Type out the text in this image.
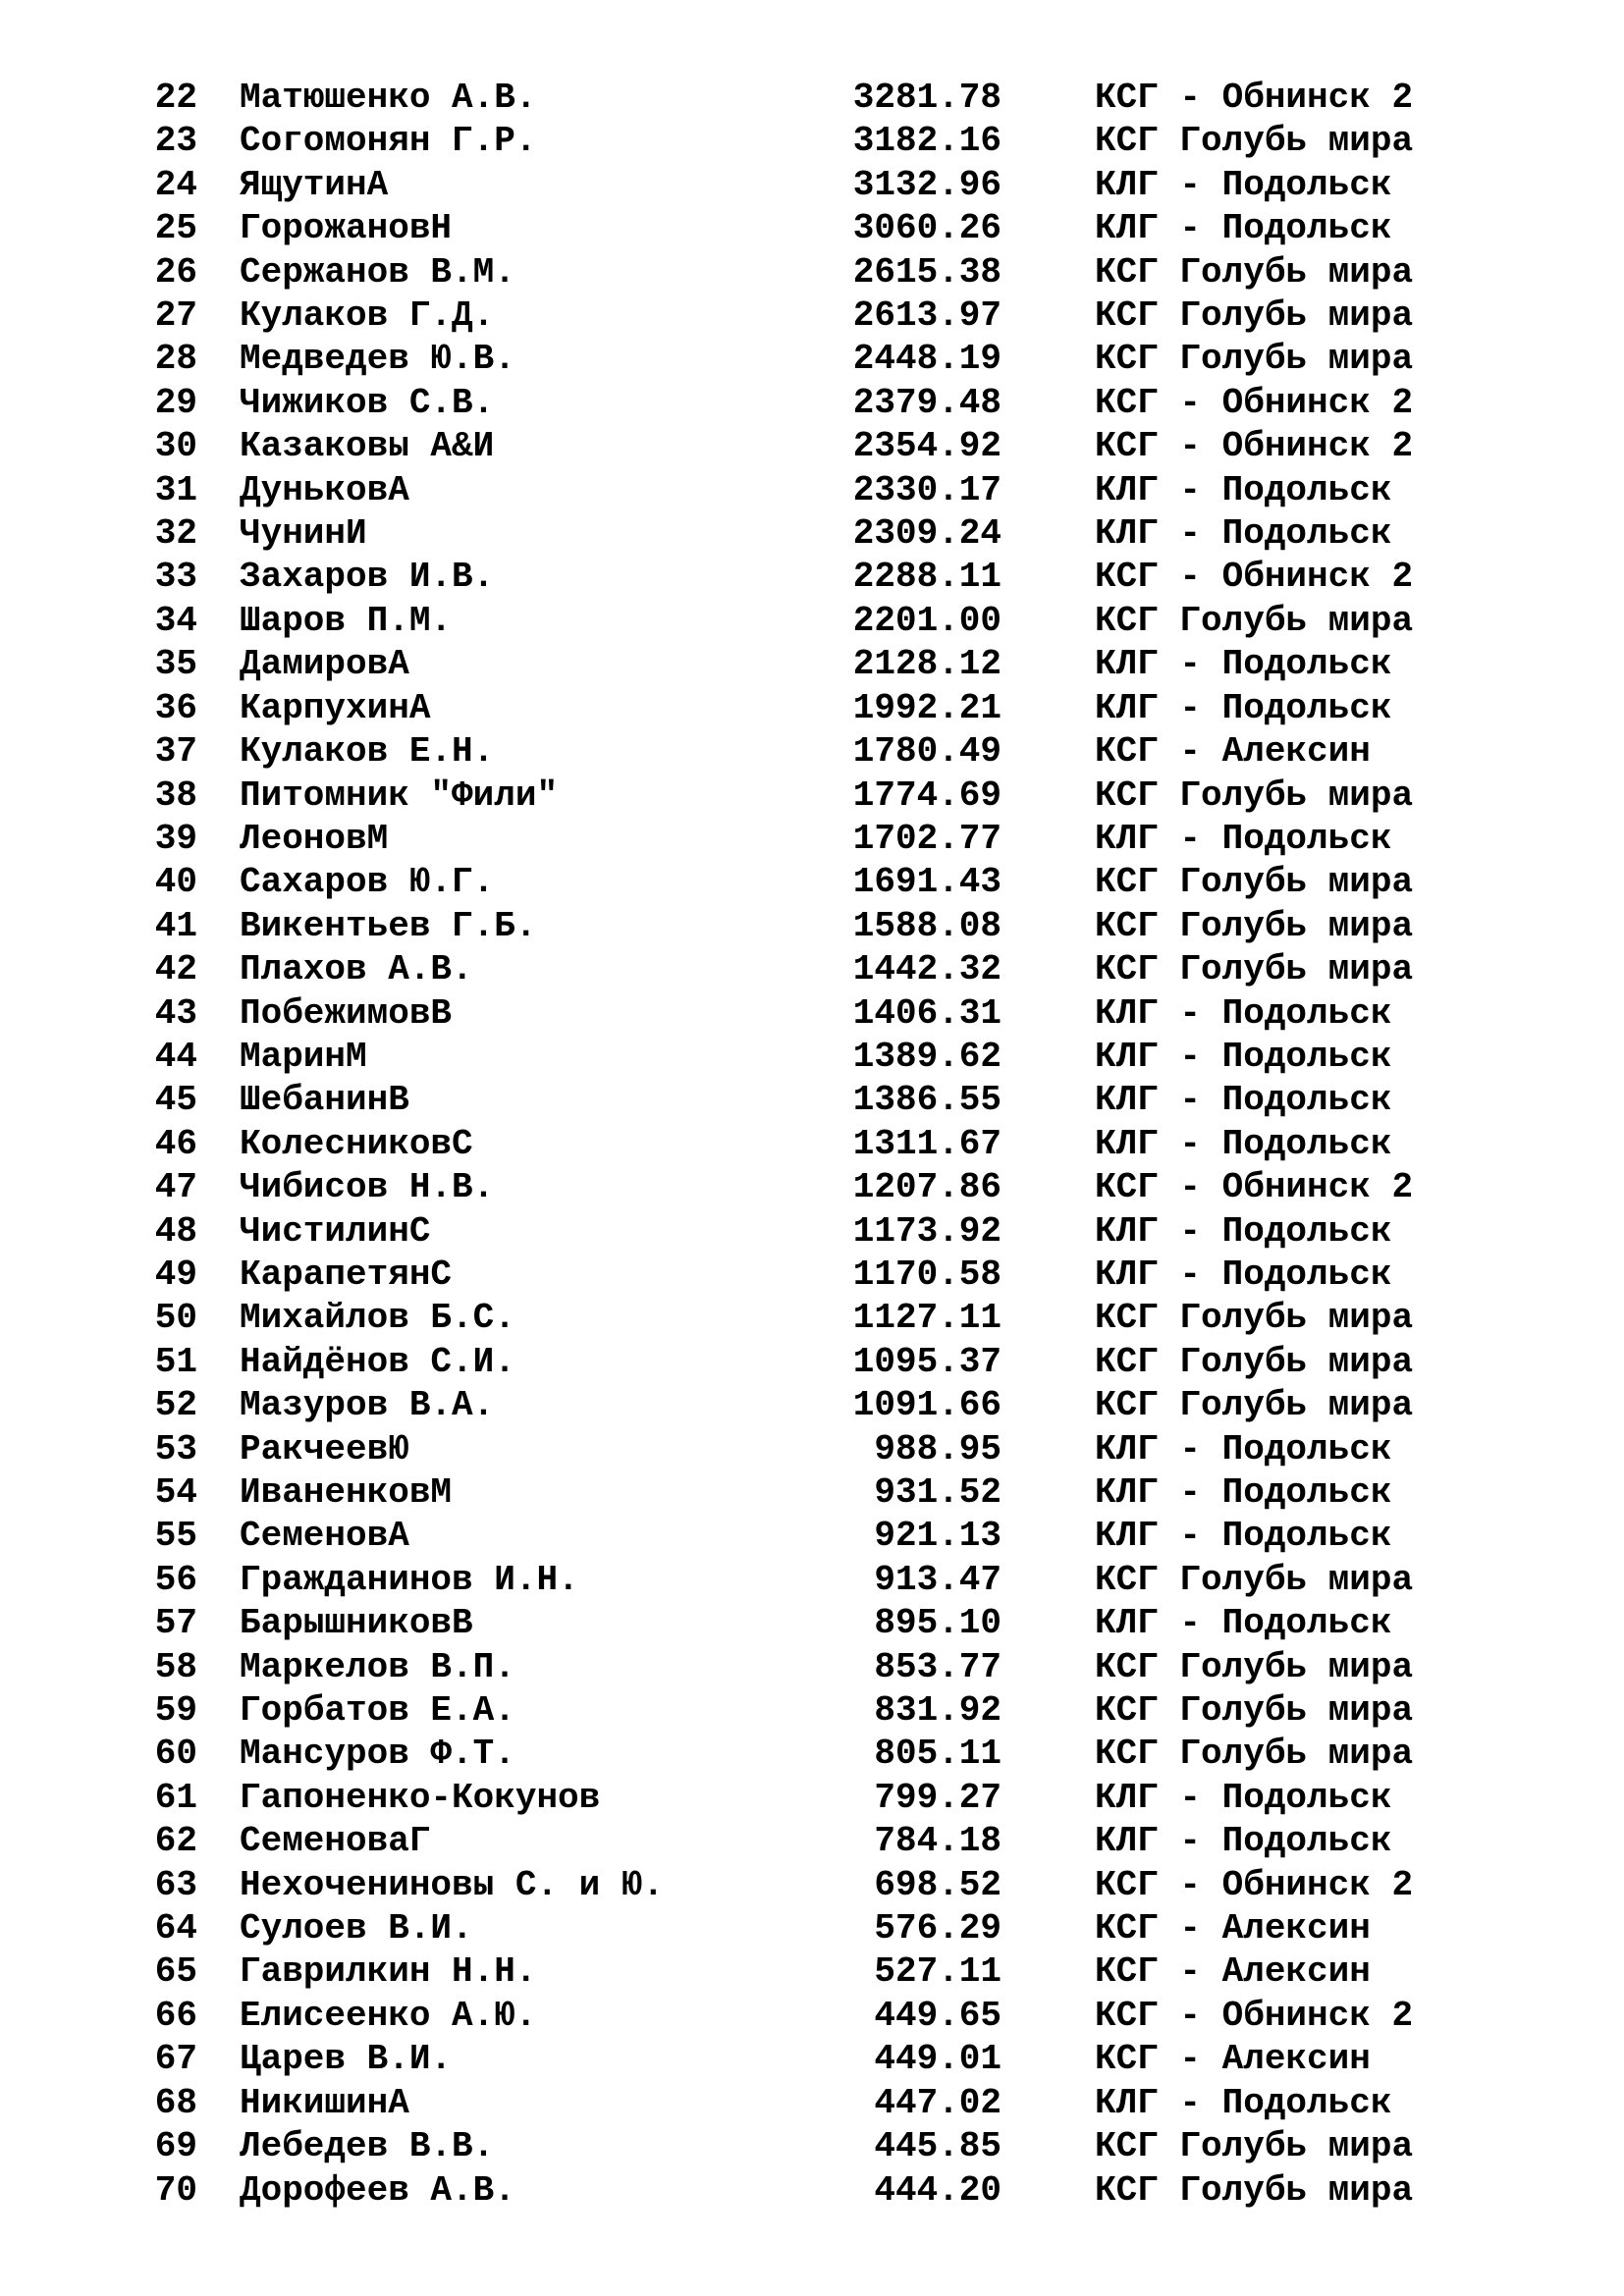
22	Матюшенко А.В.	3281.78	КСГ - Обнинск 2
23	Согомонян Г.Р.	3182.16	КСГ Голубь мира
24	ЯщутинА	3132.96	КЛГ - Подольск
25	ГорожановН	3060.26	КЛГ - Подольск
26	Сержанов В.М.	2615.38	КСГ Голубь мира
27	Кулаков Г.Д.	2613.97	КСГ Голубь мира
28	Медведев Ю.В.	2448.19	КСГ Голубь мира
29	Чижиков С.В.	2379.48	КСГ - Обнинск 2
30	Казаковы А&И	2354.92	КСГ - Обнинск 2
31	ДуньковА	2330.17	КЛГ - Подольск
32	ЧунинИ	2309.24	КЛГ - Подольск
33	Захаров И.В.	2288.11	КСГ - Обнинск 2
34	Шаров П.М.	2201.00	КСГ Голубь мира
35	ДамировА	2128.12	КЛГ - Подольск
36	КарпухинА	1992.21	КЛГ - Подольск
37	Кулаков Е.Н.	1780.49	КСГ - Алексин
38	Питомник "Фили"	1774.69	КСГ Голубь мира
39	ЛеоновМ	1702.77	КЛГ - Подольск
40	Сахаров Ю.Г.	1691.43	КСГ Голубь мира
41	Викентьев Г.Б.	1588.08	КСГ Голубь мира
42	Плахов А.В.	1442.32	КСГ Голубь мира
43	ПобежимовВ	1406.31	КЛГ - Подольск
44	МаринМ	1389.62	КЛГ - Подольск
45	ШебанинВ	1386.55	КЛГ - Подольск
46	КолесниковС	1311.67	КЛГ - Подольск
47	Чибисов Н.В.	1207.86	КСГ - Обнинск 2
48	ЧистилинС	1173.92	КЛГ - Подольск
49	КарапетянС	1170.58	КЛГ - Подольск
50	Михайлов Б.С.	1127.11	КСГ Голубь мира
51	Найдёнов С.И.	1095.37	КСГ Голубь мира
52	Мазуров В.А.	1091.66	КСГ Голубь мира
53	РакчеевЮ	988.95	КЛГ - Подольск
54	ИваненковМ	931.52	КЛГ - Подольск
55	СеменовА	921.13	КЛГ - Подольск
56	Гражданинов И.Н.	913.47	КСГ Голубь мира
57	БарышниковВ	895.10	КЛГ - Подольск
58	Маркелов В.П.	853.77	КСГ Голубь мира
59	Горбатов Е.А.	831.92	КСГ Голубь мира
60	Мансуров Ф.Т.	805.11	КСГ Голубь мира
61	Гапоненко-Кокунов	799.27	КЛГ - Подольск
62	СеменоваГ	784.18	КЛГ - Подольск
63	Нехочениновы С. и Ю.	698.52	КСГ - Обнинск 2
64	Сулоев В.И.	576.29	КСГ - Алексин
65	Гаврилкин Н.Н.	527.11	КСГ - Алексин
66	Елисеенко А.Ю.	449.65	КСГ - Обнинск 2
67	Царев В.И.	449.01	КСГ - Алексин
68	НикишинА	447.02	КЛГ - Подольск
69	Лебедев В.В.	445.85	КСГ Голубь мира
70	Дорофеев А.В.	444.20	КСГ Голубь мира
